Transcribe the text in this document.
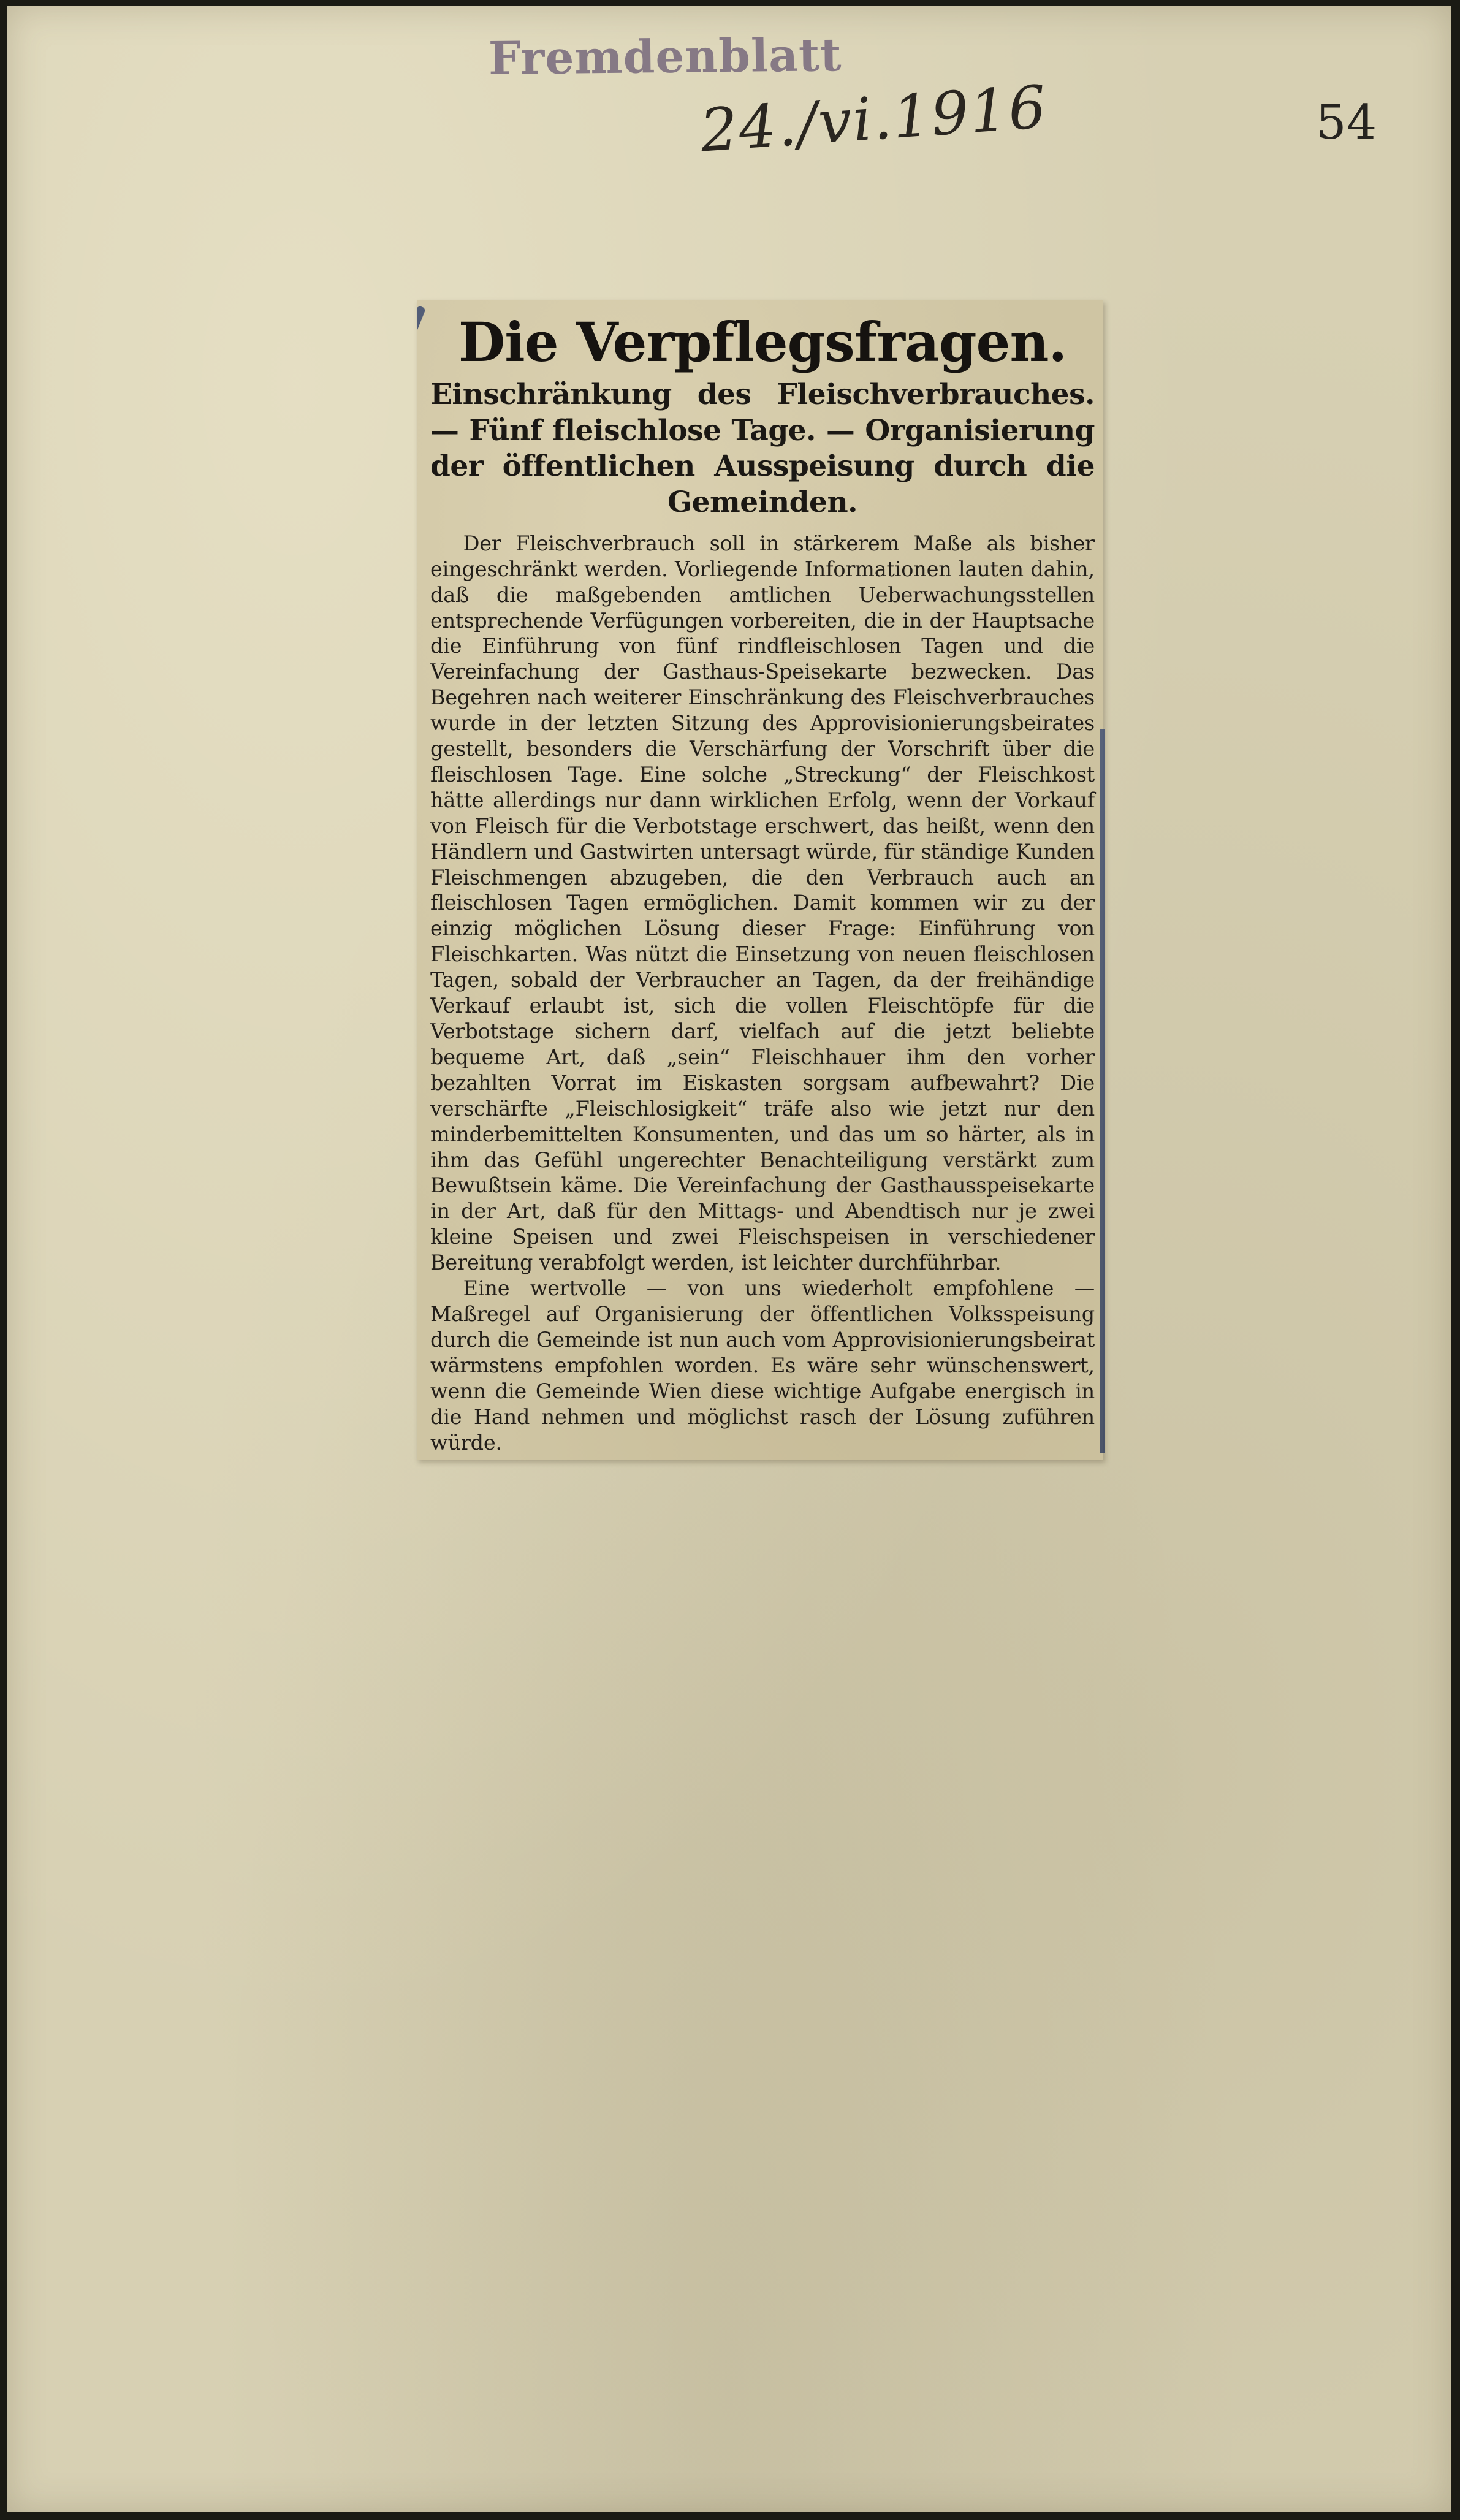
Fremdenblatt

24./vi.1916	54

Die Verpflegsfragen.
Einschränkung des Fleischverbrauches. — Fünf fleischlose Tage. — Organisierung der öffentlichen Ausspeisung durch die Gemeinden.

Der Fleischverbrauch soll in stärkerem Maße als bisher eingeschränkt werden. Vorliegende Informationen lauten dahin, daß die maßgebenden amtlichen Ueberwachungsstellen entsprechende Verfügungen vorbereiten, die in der Hauptsache die Einführung von fünf rindfleischlosen Tagen und die Vereinfachung der Gasthaus-Speisekarte bezwecken. Das Begehren nach weiterer Einschränkung des Fleischverbrauches wurde in der letzten Sitzung des Approvisionierungsbeirates gestellt, besonders die Verschärfung der Vorschrift über die fleischlosen Tage. Eine solche „Streckung“ der Fleischkost hätte allerdings nur dann wirklichen Erfolg, wenn der Vorkauf von Fleisch für die Verbotstage erschwert, das heißt, wenn den Händlern und Gastwirten untersagt würde, für ständige Kunden Fleischmengen abzugeben, die den Verbrauch auch an fleischlosen Tagen ermöglichen. Damit kommen wir zu der einzig möglichen Lösung dieser Frage: Einführung von Fleischkarten. Was nützt die Einsetzung von neuen fleischlosen Tagen, sobald der Verbraucher an Tagen, da der freihändige Verkauf erlaubt ist, sich die vollen Fleischtöpfe für die Verbotstage sichern darf, vielfach auf die jetzt beliebte bequeme Art, daß „sein“ Fleischhauer ihm den vorher bezahlten Vorrat im Eiskasten sorgsam aufbewahrt? Die verschärfte „Fleischlosigkeit“ träfe also wie jetzt nur den minderbemittelten Konsumenten, und das um so härter, als in ihm das Gefühl ungerechter Benachteiligung verstärkt zum Bewußtsein käme. Die Vereinfachung der Gasthausspeisekarte in der Art, daß für den Mittags- und Abendtisch nur je zwei kleine Speisen und zwei Fleischspeisen in verschiedener Bereitung verabfolgt werden, ist leichter durchführbar.

Eine wertvolle — von uns wiederholt empfohlene — Maßregel auf Organisierung der öffentlichen Volksspeisung durch die Gemeinde ist nun auch vom Approvisionierungsbeirat wärmstens empfohlen worden. Es wäre sehr wünschenswert, wenn die Gemeinde Wien diese wichtige Aufgabe energisch in die Hand nehmen und möglichst rasch der Lösung zuführen würde.
